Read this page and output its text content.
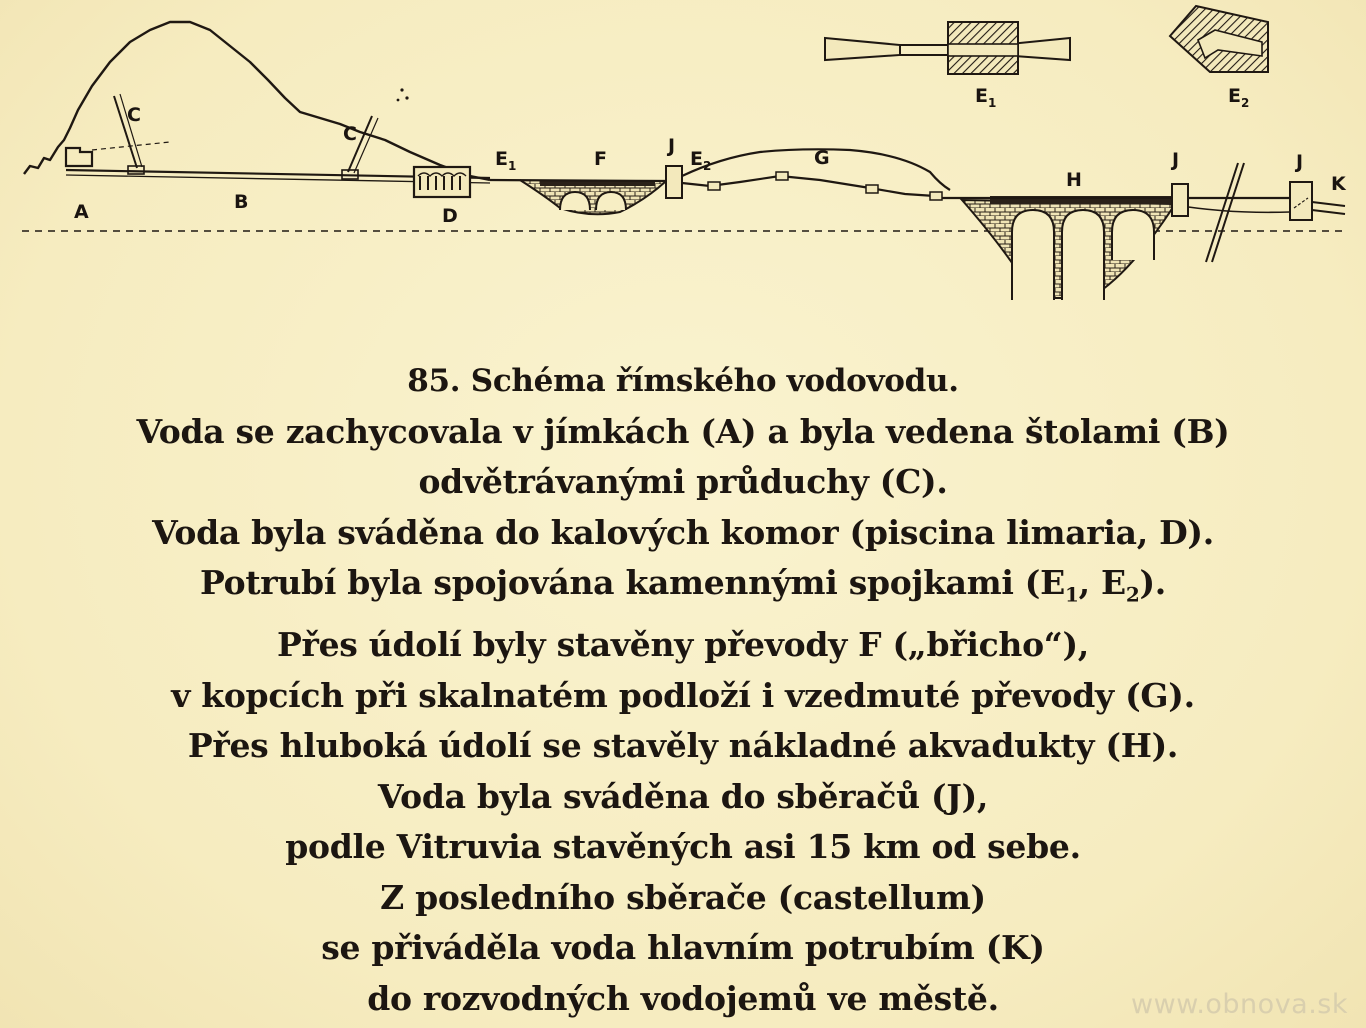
A	B
C
C
D
$E_1$	F
J
$E_2$	G
H
J	J
K
$E_1$	$E_2$
85. Schéma římského vodovodu.
Voda se zachycovala v jímkách (A) a byla vedena štolami (B)
odvětrávanými průduchy (C).
Voda byla sváděna do kalových komor (piscina limaria, D).
Potrubí byla spojována kamennými spojkami ($E_1$, $E_2$).
Přes údolí byly stavěny převody F („břicho“),
v kopcích při skalnatém podloží i vzedmuté převody (G).
Přes hluboká údolí se stavěly nákladné akvadukty (H).
Voda byla sváděna do sběračů (J),
podle Vitruvia stavěných asi 15 km od sebe.
Z posledního sběrače (castellum)
se přiváděla voda hlavním potrubím (K)
do rozvodných vodojemů ve městě.	www.obnova.sk
